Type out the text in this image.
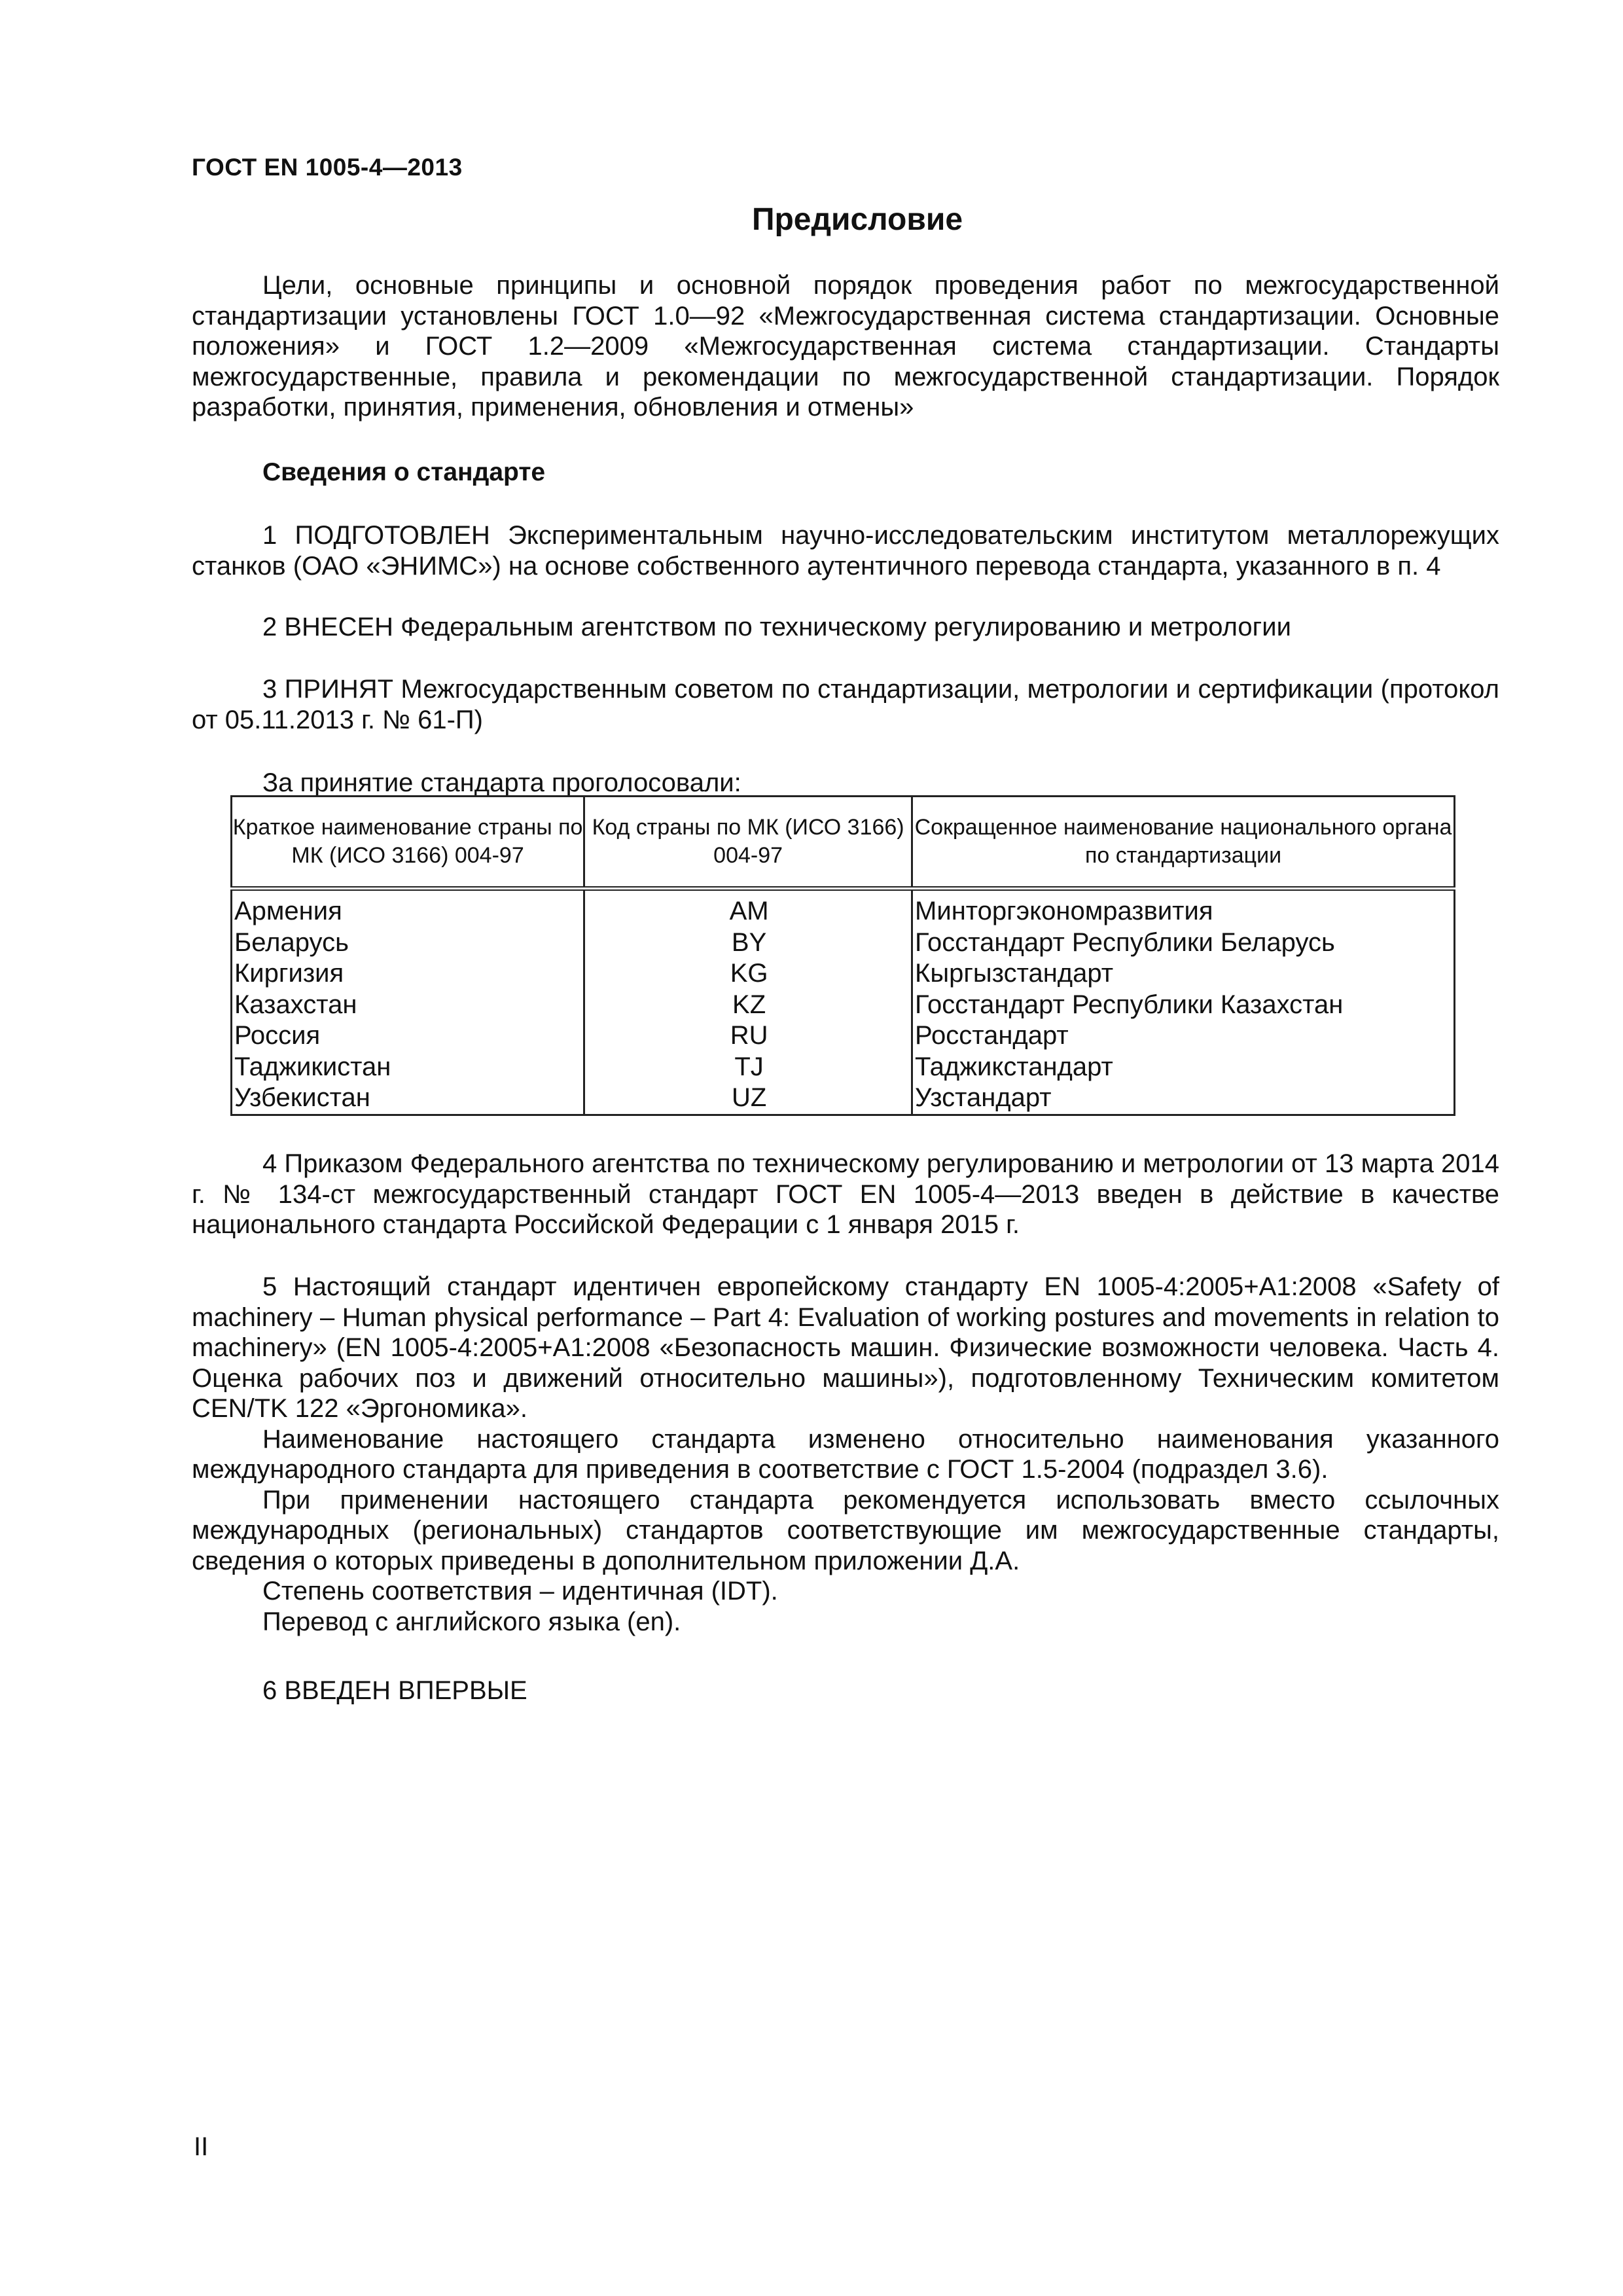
ГОСТ EN 1005-4—2013
Предисловие

Цели, основные принципы и основной порядок проведения работ по межгосударственной стандартизации установлены ГОСТ 1.0—92 «Межгосударственная система стандартизации. Основные положения» и ГОСТ 1.2—2009 «Межгосударственная система стандартизации. Стандарты межгосударственные, правила и рекомендации по межгосударственной стандартизации. Порядок разработки, принятия, применения, обновления и отмены»

Сведения о стандарте

1 ПОДГОТОВЛЕН Экспериментальным научно-исследовательским институтом металлорежущих станков (ОАО «ЭНИМС») на основе собственного аутентичного перевода стандарта, указанного в п. 4

2 ВНЕСЕН Федеральным агентством по техническому регулированию и метрологии

3 ПРИНЯТ Межгосударственным советом по стандартизации, метрологии и сертификации (протокол от 05.11.2013 г. № 61-П)

За принятие стандарта проголосовали:
Краткое наименование страны по МК (ИСО 3166) 004-97	Код страны по МК (ИСО 3166) 004-97	Сокращенное наименование национального органа по стандартизации
Армения	AM	Минторгэкономразвития
Беларусь	BY	Госстандарт Республики Беларусь
Киргизия	KG	Кыргызстандарт
Казахстан	KZ	Госстандарт Республики Казахстан
Россия	RU	Росстандарт
Таджикистан	TJ	Таджикстандарт
Узбекистан	UZ	Узстандарт

4 Приказом Федерального агентства по техническому регулированию и метрологии от 13 марта 2014 г. № 134-ст межгосударственный стандарт ГОСТ EN 1005-4—2013 введен в действие в качестве национального стандарта Российской Федерации с 1 января 2015 г.

5 Настоящий стандарт идентичен европейскому стандарту EN 1005-4:2005+A1:2008 «Safety of machinery – Human physical performance – Part 4: Evaluation of working postures and movements in relation to machinery» (EN 1005-4:2005+A1:2008 «Безопасность машин. Физические возможности человека. Часть 4. Оценка рабочих поз и движений относительно машины»), подготовленному Техническим комитетом CEN/TK 122 «Эргономика».

Наименование настоящего стандарта изменено относительно наименования указанного международного стандарта для приведения в соответствие с ГОСТ 1.5-2004 (подраздел 3.6).

При применении настоящего стандарта рекомендуется использовать вместо ссылочных международных (региональных) стандартов соответствующие им межгосударственные стандарты, сведения о которых приведены в дополнительном приложении Д.А.

Степень соответствия – идентичная (IDT).

Перевод с английского языка (en).

6 ВВЕДЕН ВПЕРВЫЕ

II
